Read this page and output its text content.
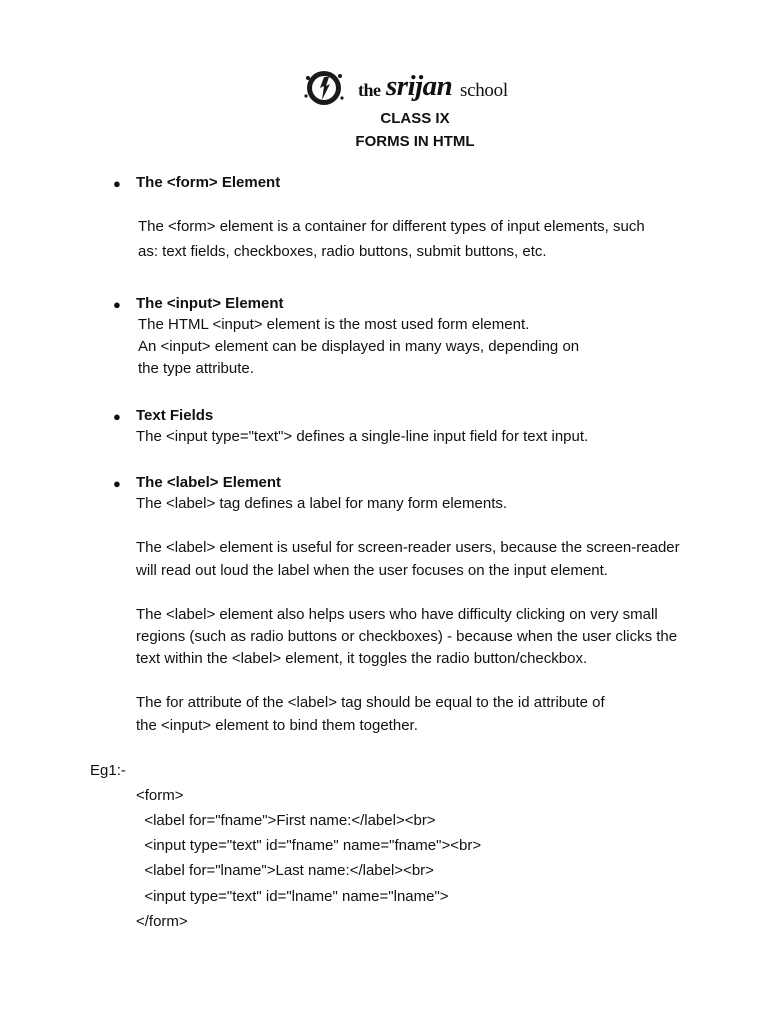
the srijan school
CLASS IX
FORMS IN HTML
● The <form> Element
The <form> element is a container for different types of input elements, such
as: text fields, checkboxes, radio buttons, submit buttons, etc.
● The <input> Element
The HTML <input> element is the most used form element.
An <input> element can be displayed in many ways, depending on
the type attribute.
● Text Fields
The <input type="text"> defines a single-line input field for text input.
● The <label> Element
The <label> tag defines a label for many form elements.
The <label> element is useful for screen-reader users, because the screen-reader
will read out loud the label when the user focuses on the input element.
The <label> element also helps users who have difficulty clicking on very small
regions (such as radio buttons or checkboxes) - because when the user clicks the
text within the <label> element, it toggles the radio button/checkbox.
The for attribute of the <label> tag should be equal to the id attribute of
the <input> element to bind them together.
Eg1:-
<form>
<label for="fname">First name:</label><br>
<input type="text" id="fname" name="fname"><br>
<label for="lname">Last name:</label><br>
<input type="text" id="lname" name="lname">
</form>
